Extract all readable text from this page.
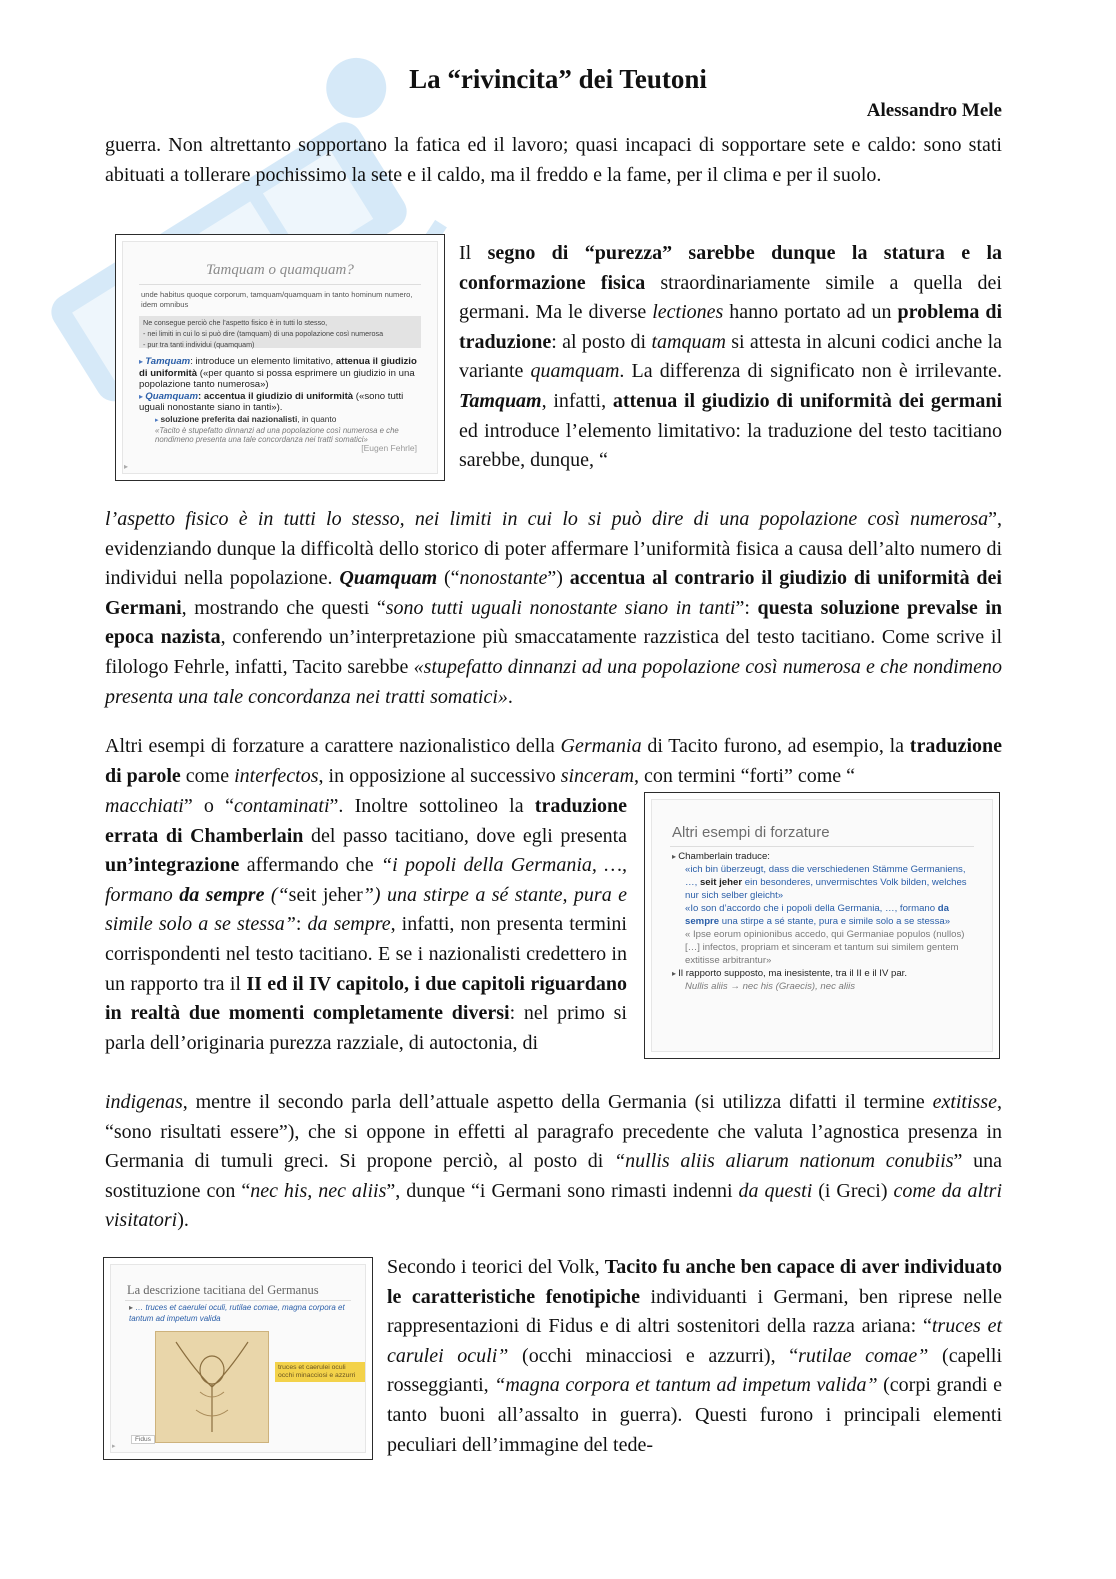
La “rivincita” dei Teutoni
Alessandro Mele
guerra. Non altrettanto sopportano la fatica ed il lavoro; quasi incapaci di sopportare sete e caldo: sono stati abituati a tollerare pochissimo la sete e il caldo, ma il freddo e la fame, per il clima e per il suolo.
Tamquam o quamquam?
unde habitus quoque corporum, tamquam/quamquam in tanto hominum numero, idem omnibus
Ne consegue perciò che l’aspetto fisico è in tutti lo stesso,
- nei limiti in cui lo si può dire (tamquam) di una popolazione così numerosa
- pur tra tanti individui (quamquam)
▸ Tamquam: introduce un elemento limitativo, attenua il giudizio di uniformità («per quanto si possa esprimere un giudizio in una popolazione tanto numerosa»)
▸ Quamquam: accentua il giudizio di uniformità («sono tutti uguali nonostante siano in tanti»).
▸ soluzione preferita dai nazionalisti, in quanto
«Tacito è stupefatto dinnanzi ad una popolazione così numerosa e che nondimeno presenta una tale concordanza nei tratti somatici»
[Eugen Fehrle]
▸
Il segno di “purezza” sarebbe dunque la statura e la conformazione fisica straordinariamente simile a quella dei germani. Ma le diverse lectiones hanno portato ad un problema di traduzione: al posto di tamquam si attesta in alcuni codici anche la variante quamquam. La differenza di significato non è irrilevante. Tamquam, infatti, attenua il giudizio di uniformità dei germani ed introduce l’elemento limitativo: la traduzione del testo tacitiano sarebbe, dunque, “
l’aspetto fisico è in tutti lo stesso, nei limiti in cui lo si può dire di una popolazione così numerosa”, evidenziando dunque la difficoltà dello storico di poter affermare l’uniformità fisica a causa dell’alto numero di individui nella popolazione. Quamquam (“nonostante”) accentua al contrario il giudizio di uniformità dei Germani, mostrando che questi “sono tutti uguali nonostante siano in tanti”: questa soluzione prevalse in epoca nazista, conferendo un’interpretazione più smaccatamente razzistica del testo tacitiano. Come scrive il filologo Fehrle, infatti, Tacito sarebbe «stupefatto dinnanzi ad una popolazione così numerosa e che nondimeno presenta una tale concordanza nei tratti somatici».
Altri esempi di forzature
▸ Chamberlain traduce:
«ich bin überzeugt, dass die verschiedenen Stämme Germaniens, …, seit jeher ein besonderes, unvermischtes Volk bilden, welches nur sich selber gleicht»
«Io son d’accordo che i popoli della Germania, …, formano da sempre una stirpe a sé stante, pura e simile solo a se stessa»
« Ipse eorum opinionibus accedo, qui Germaniae populos (nullos) […] infectos, propriam et sinceram et tantum sui similem gentem extitisse arbitrantur»
▸ Il rapporto supposto, ma inesistente, tra il II e il IV par.
Nullis aliis → nec his (Graecis), nec aliis
Altri esempi di forzature a carattere nazionalistico della Germania di Tacito furono, ad esempio, la traduzione di parole come interfectos, in opposizione al successivo sinceram, con termini “forti” come “
macchiati” o “contaminati”. Inoltre sottolineo la traduzione errata di Chamberlain del passo tacitiano, dove egli presenta un’integrazione affermando che “i popoli della Germania, …, formano da sempre (“seit jeher”) una stirpe a sé stante, pura e simile solo a se stessa”: da sempre, infatti, non presenta termini corrispondenti nel testo tacitiano. E se i nazionalisti credettero in un rapporto tra il II ed il IV capitolo, i due capitoli riguardano in realtà due momenti completamente diversi: nel primo si parla dell’originaria purezza razziale, di autoctonia, di
indigenas, mentre il secondo parla dell’attuale aspetto della Germania (si utilizza difatti il termine extitisse, “sono risultati essere”), che si oppone in effetti al paragrafo precedente che valuta l’agnostica presenza in Germania di tumuli greci. Si propone perciò, al posto di “nullis aliis aliarum nationum conubiis” una sostituzione con “nec his, nec aliis”, dunque “i Germani sono rimasti indenni da questi (i Greci) come da altri visitatori).
La descrizione tacitiana del Germanus
▸ … truces et caerulei oculi, rutilae comae, magna corpora et tantum ad impetum valida
truces et caerulei oculi occhi minacciosi e azzurri
Fidus
▸
Secondo i teorici del Volk, Tacito fu anche ben capace di aver individuato le caratteristiche fenotipiche individuanti i Germani, ben riprese nelle rappresentazioni di Fidus e di altri sostenitori della razza ariana: “truces et carulei oculi” (occhi minacciosi e azzurri), “rutilae comae” (capelli rosseggianti, “magna corpora et tantum ad impetum valida” (corpi grandi e tanto buoni all’assalto in guerra). Questi furono i principali elementi peculiari dell’immagine del tede-
